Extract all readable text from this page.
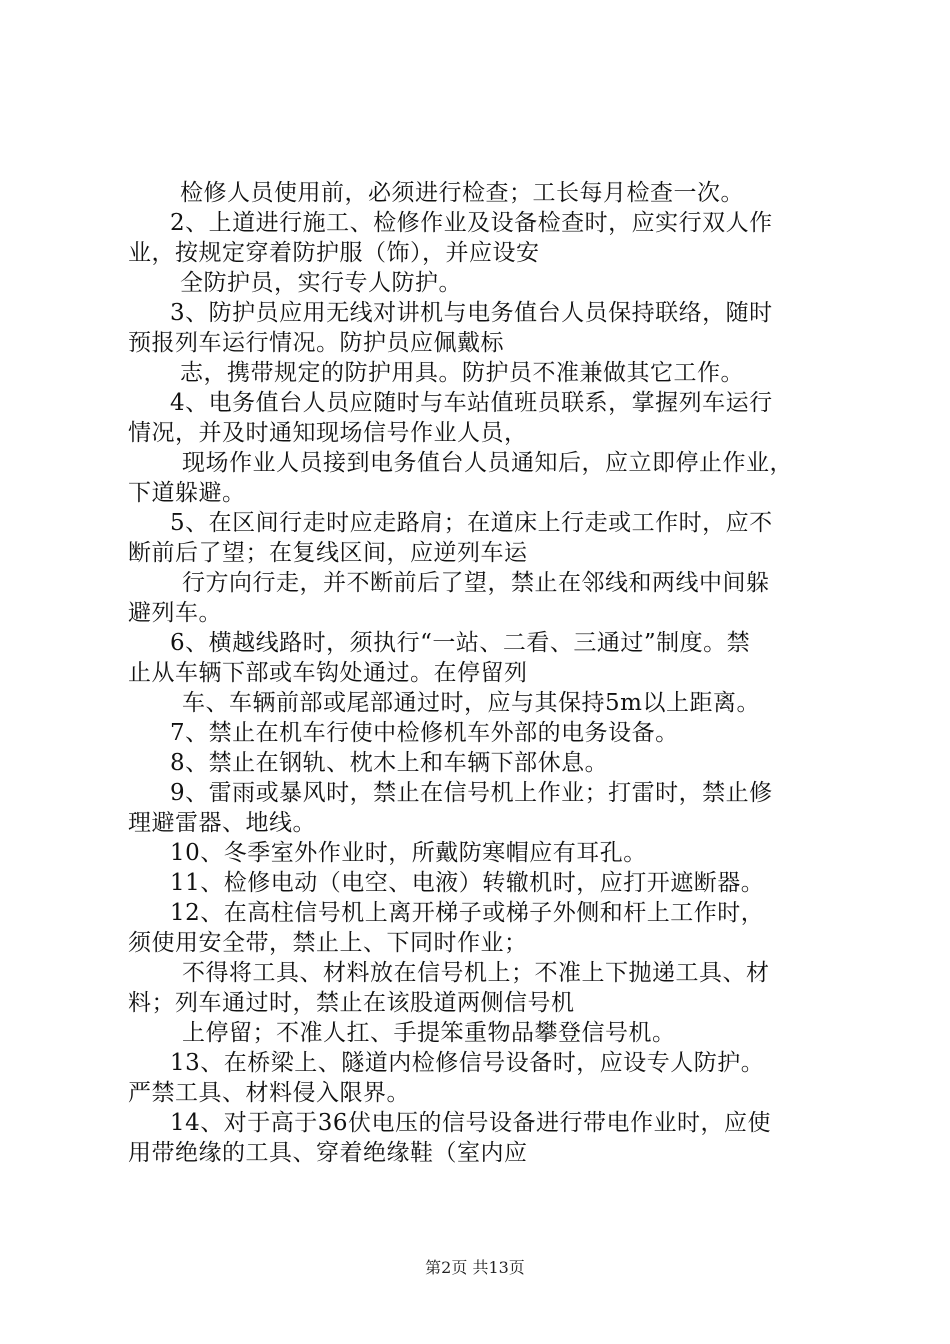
检修人员使用前，必须进行检查；工长每月检查一次。
2、上道进行施工、检修作业及设备检查时，应实行双人作
业，按规定穿着防护服（饰），并应设安
全防护员，实行专人防护。
3、防护员应用无线对讲机与电务值台人员保持联络，随时
预报列车运行情况。防护员应佩戴标
志，携带规定的防护用具。防护员不准兼做其它工作。
4、电务值台人员应随时与车站值班员联系，掌握列车运行
情况，并及时通知现场信号作业人员，
现场作业人员接到电务值台人员通知后，应立即停止作业，
下道躲避。
5、在区间行走时应走路肩；在道床上行走或工作时，应不
断前后了望；在复线区间，应逆列车运
行方向行走，并不断前后了望，禁止在邻线和两线中间躲
避列车。
6、横越线路时，须执行“一站、二看、三通过”制度。禁
止从车辆下部或车钩处通过。在停留列
车、车辆前部或尾部通过时，应与其保持5m以上距离。
7、禁止在机车行使中检修机车外部的电务设备。
8、禁止在钢轨、枕木上和车辆下部休息。
9、雷雨或暴风时，禁止在信号机上作业；打雷时，禁止修
理避雷器、地线。
10、冬季室外作业时，所戴防寒帽应有耳孔。
11、检修电动（电空、电液）转辙机时，应打开遮断器。
12、在高柱信号机上离开梯子或梯子外侧和杆上工作时，
须使用安全带，禁止上、下同时作业；
不得将工具、材料放在信号机上；不准上下抛递工具、材
料；列车通过时，禁止在该股道两侧信号机
上停留；不准人扛、手提笨重物品攀登信号机。
13、在桥梁上、隧道内检修信号设备时，应设专人防护。
严禁工具、材料侵入限界。
14、对于高于36伏电压的信号设备进行带电作业时，应使
用带绝缘的工具、穿着绝缘鞋（室内应
第2页 共13页
